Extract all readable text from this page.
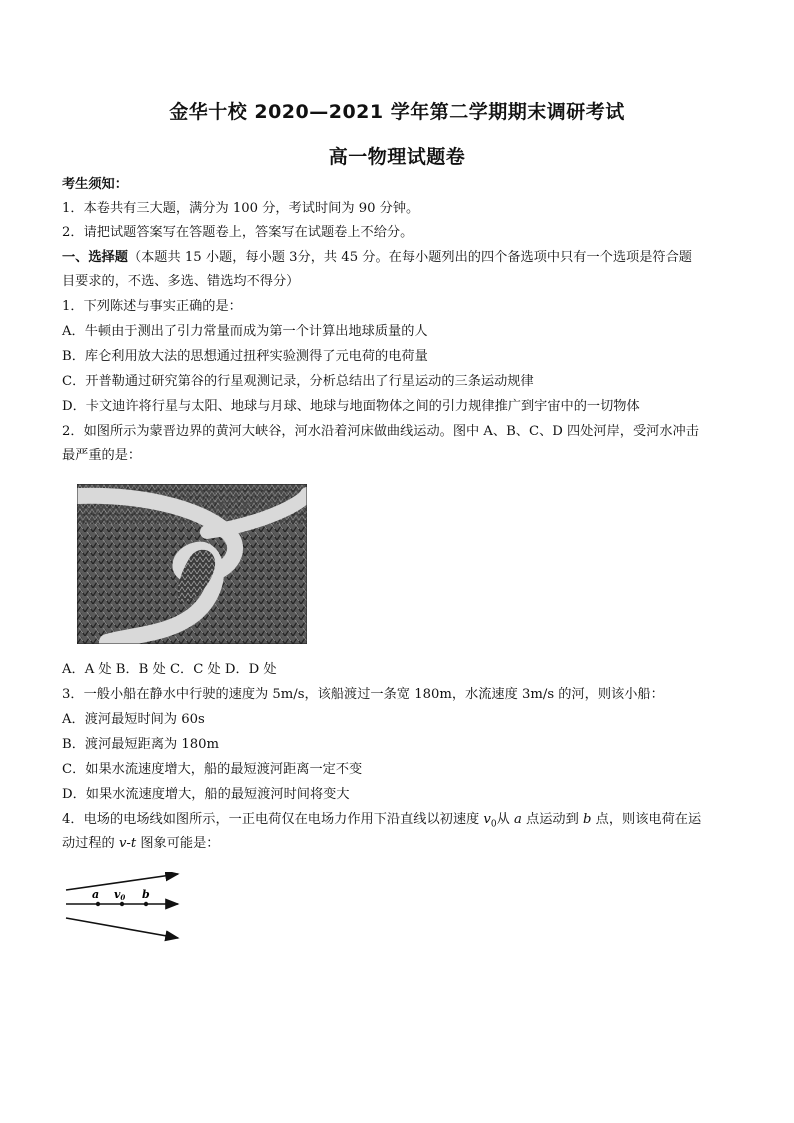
金华十校 2020—2021 学年第二学期期末调研考试
高一物理试题卷
考生须知：
1．本卷共有三大题，满分为 100 分，考试时间为 90 分钟。
2．请把试题答案写在答题卷上，答案写在试题卷上不给分。
一、选择题（本题共 15 小题，每小题 3分，共 45 分。在每小题列出的四个备选项中只有一个选项是符合题
目要求的，不选、多选、错选均不得分）
1．下列陈述与事实正确的是：
A．牛顿由于测出了引力常量而成为第一个计算出地球质量的人
B．库仑利用放大法的思想通过扭秤实验测得了元电荷的电荷量
C．开普勒通过研究第谷的行星观测记录，分析总结出了行星运动的三条运动规律
D．卡文迪许将行星与太阳、地球与月球、地球与地面物体之间的引力规律推广到宇宙中的一切物体
2．如图所示为蒙晋边界的黄河大峡谷，河水沿着河床做曲线运动。图中 A、B、C、D 四处河岸，受河水冲击
最严重的是：
A．A 处 B．B 处 C．C 处 D．D 处
3．一般小船在静水中行驶的速度为 5m/s，该船渡过一条宽 180m，水流速度 3m/s 的河，则该小船：
A．渡河最短时间为 60s
B．渡河最短距离为 180m
C．如果水流速度增大，船的最短渡河距离一定不变
D．如果水流速度增大，船的最短渡河时间将变大
4．电场的电场线如图所示，一正电荷仅在电场力作用下沿直线以初速度 $v_0$从 a 点运动到 b 点，则该电荷在运
动过程的 v-t 图象可能是：
a v0 b
